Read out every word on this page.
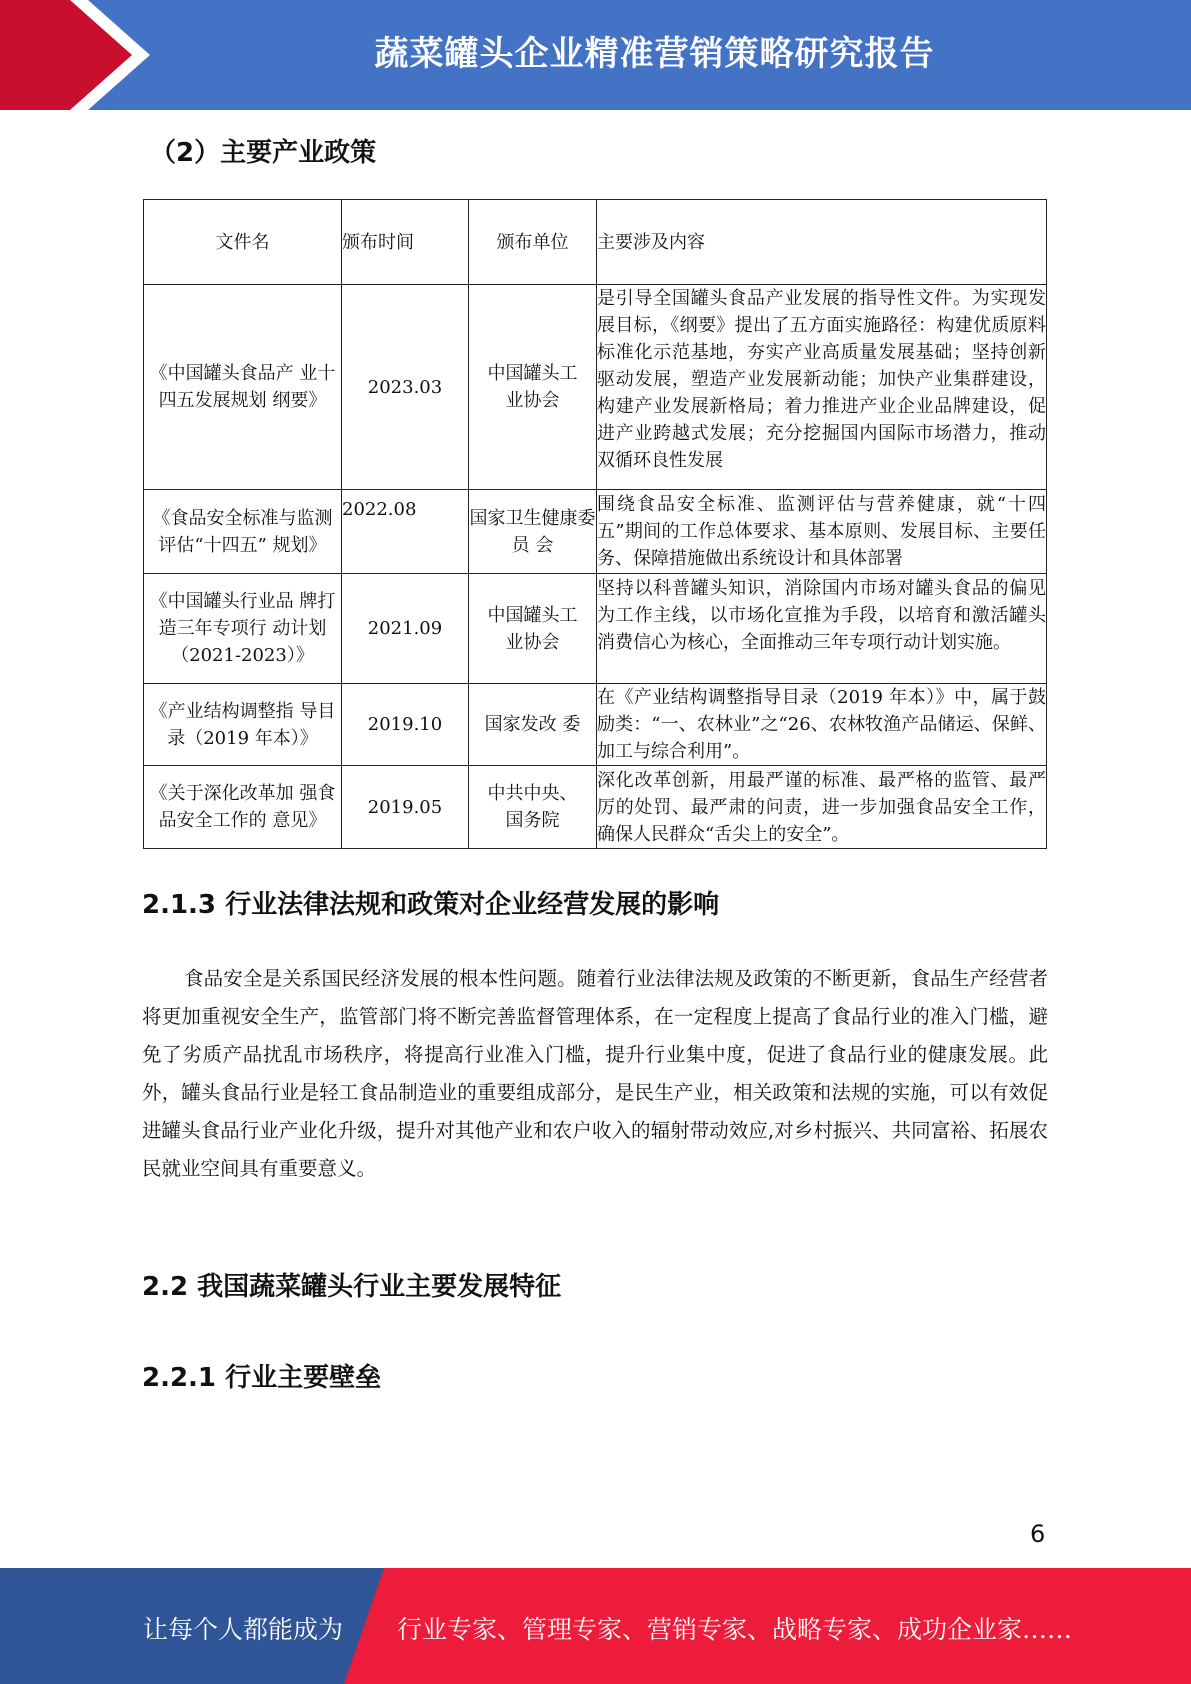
蔬菜罐头企业精准营销策略研究报告
（2）主要产业政策
文件名	颁布时间	颁布单位	主要涉及内容
《中国罐头食品产 业十四五发展规划 纲要》	2023.03	中国罐头工业协会	是引导全国罐头食品产业发展的指导性文件。为实现发展目标，《纲要》提出了五方面实施路径：构建优质原料标准化示范基地，夯实产业高质量发展基础；坚持创新驱动发展，塑造产业发展新动能；加快产业集群建设，构建产业发展新格局；着力推进产业企业品牌建设，促进产业跨越式发展；充分挖掘国内国际市场潜力，推动双循环良性发展

《食品安全标准与监测评估“十四五” 规划》	2022.08	国家卫生健康委员 会	围绕食品安全标准、监测评估与营养健康，就“十四五”期间的工作总体要求、基本原则、发展目标、主要任务、保障措施做出系统设计和具体部署

《中国罐头行业品 牌打造三年专项行 动计划（2021-2023）》	2021.09	中国罐头工业协会	坚持以科普罐头知识，消除国内市场对罐头食品的偏见为工作主线，以市场化宣推为手段，以培育和激活罐头消费信心为核心，全面推动三年专项行动计划实施。

《产业结构调整指 导目录（2019 年本）》	2019.10	国家发改 委	在《产业结构调整指导目录（2019 年本）》中，属于鼓励类：“一、农林业”之“26、农林牧渔产品储运、保鲜、加工与综合利用”。

《关于深化改革加 强食品安全工作的 意见》	2019.05	中共中央、国务院	深化改革创新，用最严谨的标准、最严格的监管、最严厉的处罚、最严肃的问责，进一步加强食品安全工作，确保人民群众“舌尖上的安全”。
2.1.3 行业法律法规和政策对企业经营发展的影响
食品安全是关系国民经济发展的根本性问题。随着行业法律法规及政策的不断更新，食品生产经营者将更加重视安全生产，监管部门将不断完善监督管理体系，在一定程度上提高了食品行业的准入门槛，避免了劣质产品扰乱市场秩序，将提高行业准入门槛，提升行业集中度，促进了食品行业的健康发展。此外，罐头食品行业是轻工食品制造业的重要组成部分，是民生产业，相关政策和法规的实施，可以有效促进罐头食品行业产业化升级，提升对其他产业和农户收入的辐射带动效应,对乡村振兴、共同富裕、拓展农民就业空间具有重要意义。
2.2 我国蔬菜罐头行业主要发展特征
2.2.1 行业主要壁垒
6
让每个人都能成为 行业专家、管理专家、营销专家、战略专家、成功企业家……
